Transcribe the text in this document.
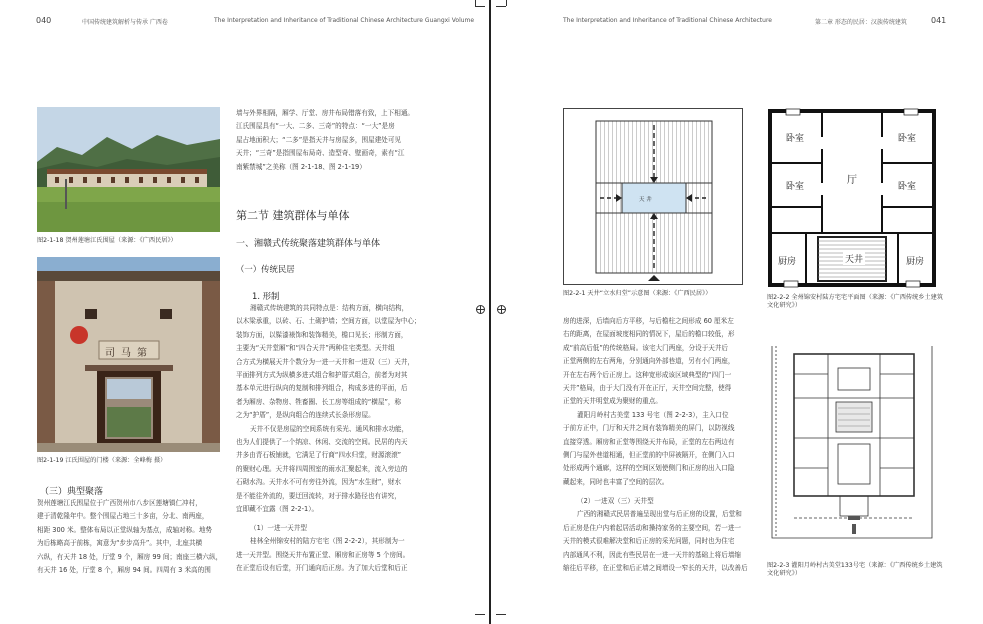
040	中国传统建筑解析与传承 广西卷	The Interpretation and Inheritance of Traditional Chinese Architecture Guangxi Volume
图2-1-18 贺州莲塘江氏围屋（来源：《广西民居》）
司马第
图2-1-19 江氏围屋的门楼（来源：全峰梅 摄）
（三）典型聚落
贺州莲塘江氏围屋位于广西贺州市八步区莲塘镇仁冲村，
建于清乾隆年中。整个围屋占地三十多亩，分北、南两座，
相距 300 米。整体布局以正堂纵轴为基点，成轴对称。地势
为后栋略高于前栋，寓意为“步步高升”。其中，北座共横
六纵，有天井 18 处，厅堂 9 个，厢房 99 间；南座三横六纵，
有天井 16 处，厅堂 8 个，厢房 94 间。四周有 3 米高的围
墙与外界相隔，厢学、厅堂、房井布局错落有致，上下相通。
江氏围屋具有“一大、二多、三奇”的特点：“一大”是房
屋占地面积大；“二多”是指天井与房屋多，围屋建处可见
天井；“三奇”是指围屋布局奇、造型奇、壁画奇，素有“江
南紫禁城”之美称（图 2-1-18、图 2-1-19）
第二节 建筑群体与单体
一、湘赣式传统聚落建筑群体与单体
（一）传统民居
1. 形制
湘赣式传统建筑的共同特点是：结构方面，横向结构，
以木梁承重，以砖、石、土砌护墙；空间方面，以堂屋为中心；
装饰方面，以髹漆裱饰和装饰精美，檐口见长；形制方面，
主要为“天井堂厢”和“四合天井”两种住宅类型。天井组
合方式为横展天井个数分为一进一天井和一进双（三）天井，
平面排列方式为纵横多进式组合和护厝式组合，前者为对其
基本单元进行纵向的复制和排列组合，构成多进的平面，后
者为厢房、杂物房、牲畜圈、长工房等组成的“横屋”，称
之为“护厝”，是纵向组合的连续式长条形房屋。
天井不仅是房屋的空间系统有采光、通风和排水功能，
也为人们提供了一个纳凉、休闲、交流的空间。民居的内天
井多由青石板铺就，它满足了行商“四水归堂，财源滚滚”
的聚财心理。天井将四周围室的雨水汇聚起来，流入旁边的
石砌水沟。天井水不可有旁往外流，因为“水生财”，财水
是不能往外流的，要迂回流转，对于排水路径也有讲究，
宜即藏不宜露（图 2-2-1）。
（1）一进一天井型
桂林全州锦安村的陆方宅宅（图 2-2-2），其形制为一
进一天井型。围绕天井布置正堂、厢房和正房等 5 个房间。
在正堂后设有后堂，开门通向后正房。为了加大后堂和后正
The Interpretation and Inheritance of Traditional Chinese Architecture	第二章 形态的民居：汉族传统建筑	041
天 井
图2-2-1 天井“立水归堂”示意图（来源：《广西民居》）
卧室	卧室
卧室	卧室
厅
厨房	厨房
天井
图2-2-2 全州锦安村陆方宅宅平面图（来源：《广西传统乡土建筑文化研究》）
图2-2-3 灌阳月岭村古美堂133号宅（来源：《广西传统乡土建筑文化研究》）
房的进深，后墙向后方平移，与后檐柱之间形成 60 厘米左
右的距离，在屋面坡度相同的情况下，屋后的檐口较低，形
成“前高后低”的传统格局。该宅大门两座，分设于天井后
正堂两侧的左右两角，分别通向外部巷道，另有小门两座，
开在左右两个后正房上。这种宽形成该区域典型的“四门一
天井”格局，由于大门没有开在正厅，天井空间完整，使得
正堂的天井明堂成为聚财的重点。
灌阳月岭村古美堂 133 号宅（图 2-2-3），主入口位
于前方正中，门厅和天井之间有装饰精美的屏门，以防视线
直接穿透。厢房和正堂等围绕天井布局，正堂的左右两边有
侧门与屋外巷道相通，但正堂前的中屏被隔开，在侧门入口
处形成两个通廊，这样的空间区划使侧门和正房的出入口隐
藏起来，同时也丰富了空间的层次。
（2）一进双（三）天井型
广西的湘赣式民居普遍呈现出堂与后正房的设置，后堂和
后正房是住户内着起居活动和操持家务的主要空间，若一进一
天井的模式很难解决堂和后正房的采光问题，同时也为住宅
内部通风不利，因此有些民居在一进一天井的基础上将后墙缩
缩往后平移，在正堂和后正墙之间增设一窄长的天井，以改善后
